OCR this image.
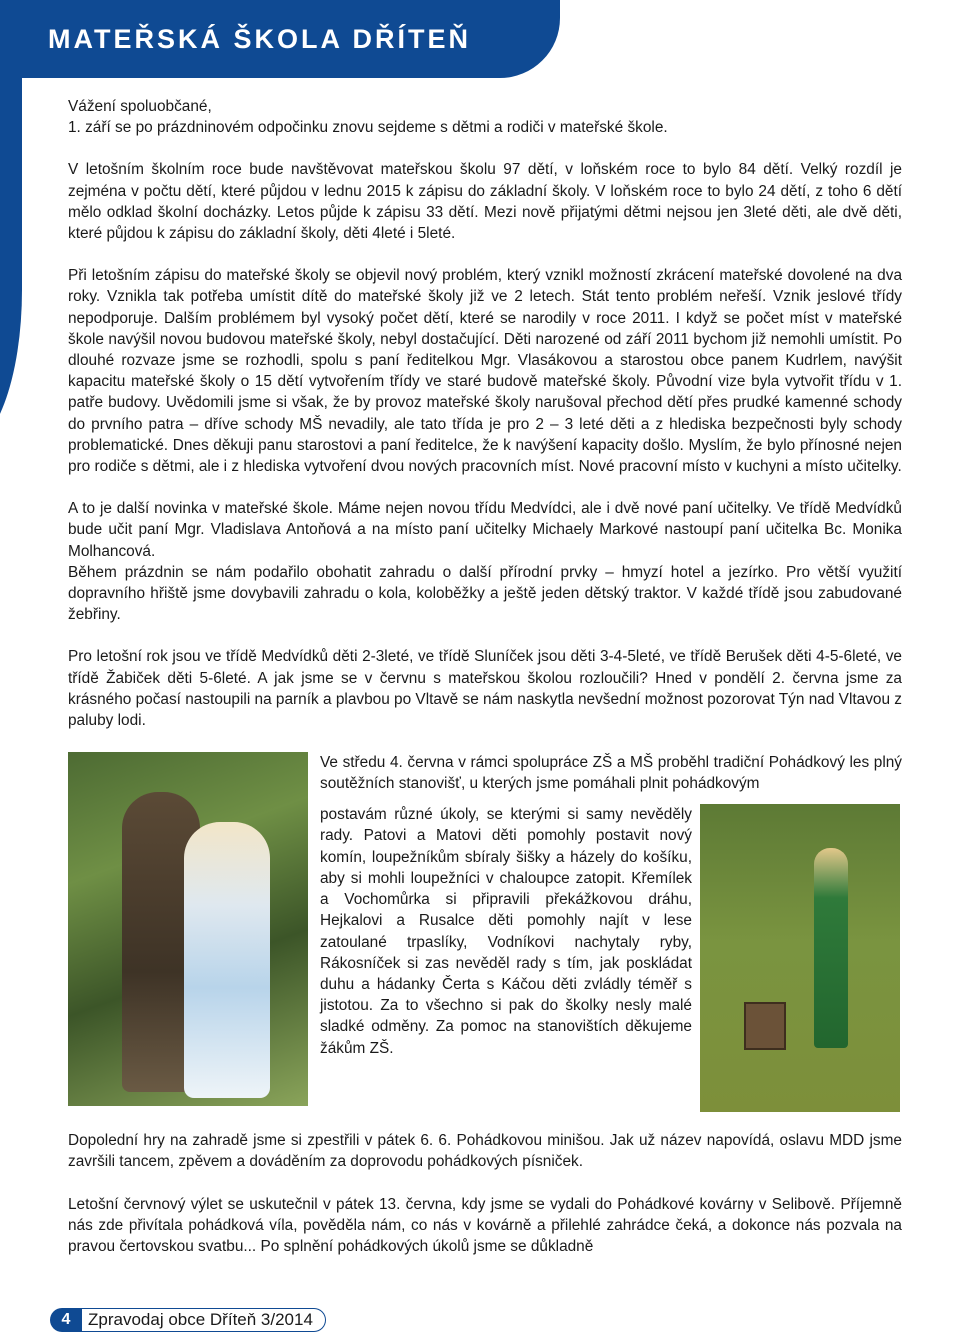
MATEŘSKÁ ŠKOLA DŘÍTEŇ

Vážení spoluobčané,

1. září se po prázdninovém odpočinku znovu sejdeme s dětmi a rodiči v mateřské škole.

V letošním školním roce bude navštěvovat mateřskou školu 97 dětí, v loňském roce to bylo 84 dětí. Velký rozdíl je zejména v počtu dětí, které půjdou v lednu 2015 k zápisu do základní školy. V loňském roce to bylo 24 dětí, z toho 6 dětí mělo odklad školní docházky. Letos půjde k zápisu 33 dětí. Mezi nově přijatými dětmi nejsou jen 3leté děti, ale dvě děti, které půjdou k zápisu do základní školy, děti 4leté i 5leté.

Při letošním zápisu do mateřské školy se objevil nový problém, který vznikl možností zkrácení mateřské dovolené na dva roky. Vznikla tak potřeba umístit dítě do mateřské školy již ve 2 letech. Stát tento problém neřeší. Vznik jeslové třídy nepodporuje. Dalším problémem byl vysoký počet dětí, které se narodily v roce 2011. I když se počet míst v mateřské škole navýšil novou budovou mateřské školy, nebyl dostačující. Děti narozené od září 2011 bychom již nemohli umístit. Po dlouhé rozvaze jsme se rozhodli, spolu s paní ředitelkou Mgr. Vlasákovou a starostou obce panem Kudrlem, navýšit kapacitu mateřské školy o 15 dětí vytvořením třídy ve staré budově mateřské školy. Původní vize byla vytvořit třídu v 1. patře budovy. Uvědomili jsme si však, že by provoz mateřské školy narušoval přechod dětí přes prudké kamenné schody do prvního patra – dříve schody MŠ nevadily, ale tato třída je pro 2 – 3 leté děti a z hlediska bezpečnosti byly schody problematické. Dnes děkuji panu starostovi a paní ředitelce, že k navýšení kapacity došlo. Myslím, že bylo přínosné nejen pro rodiče s dětmi, ale i z hlediska vytvoření dvou nových pracovních míst. Nové pracovní místo v kuchyni a místo učitelky.

A to je další novinka v mateřské škole. Máme nejen novou třídu Medvídci, ale i dvě nové paní učitelky. Ve třídě Medvídků bude učit paní Mgr. Vladislava Antoňová a na místo paní učitelky Michaely Markové nastoupí paní učitelka Bc. Monika Molhancová.

Během prázdnin se nám podařilo obohatit zahradu o další přírodní prvky – hmyzí hotel a jezírko. Pro větší využití dopravního hřiště jsme dovybavili zahradu o kola, koloběžky a ještě jeden dětský traktor. V každé třídě jsou zabudované žebřiny.

Pro letošní rok jsou ve třídě Medvídků děti 2-3leté, ve třídě Sluníček jsou děti 3-4-5leté, ve třídě Berušek děti 4-5-6leté, ve třídě Žabiček děti 5-6leté. A jak jsme se v červnu s mateřskou školou rozloučili? Hned v pondělí 2. června jsme za krásného počasí nastoupili na parník a plavbou po Vltavě se nám naskytla nevšední možnost pozorovat Týn nad Vltavou z paluby lodi.

Ve středu 4. června v rámci spolupráce ZŠ a MŠ proběhl tradiční Pohádkový les plný soutěžních stanovišť, u kterých jsme pomáhali plnit pohádkovým
postavám různé úkoly, se kterými si samy nevěděly rady. Patovi a Matovi děti pomohly postavit nový komín, loupežníkům sbíraly šišky a házely do košíku, aby si mohli loupežníci v chaloupce zatopit. Křemílek a Vochomůrka si připravili překážkovou dráhu, Hejkalovi a Rusalce děti pomohly najít v lese zatoulané trpaslíky, Vodníkovi nachytaly ryby, Rákosníček si zas nevěděl rady s tím, jak poskládat duhu a hádanky Čerta s Káčou děti zvládly téměř s jistotou. Za to všechno si pak do školky nesly malé sladké odměny. Za pomoc na stanovištích děkujeme žákům ZŠ.

Dopolední hry na zahradě jsme si zpestřili v pátek 6. 6. Pohádkovou minišou. Jak už název napovídá, oslavu MDD jsme završili tancem, zpěvem a dováděním za doprovodu pohádkových písniček.

Letošní červnový výlet se uskutečnil v pátek 13. června, kdy jsme se vydali do Pohádkové kovárny v Selibově. Příjemně nás zde přivítala pohádková víla, pověděla nám, co nás v kovárně a přilehlé zahrádce čeká, a dokonce nás pozvala na pravou čertovskou svatbu... Po splnění pohádkových úkolů jsme se důkladně

4	Zpravodaj obce Dříteň 3/2014
